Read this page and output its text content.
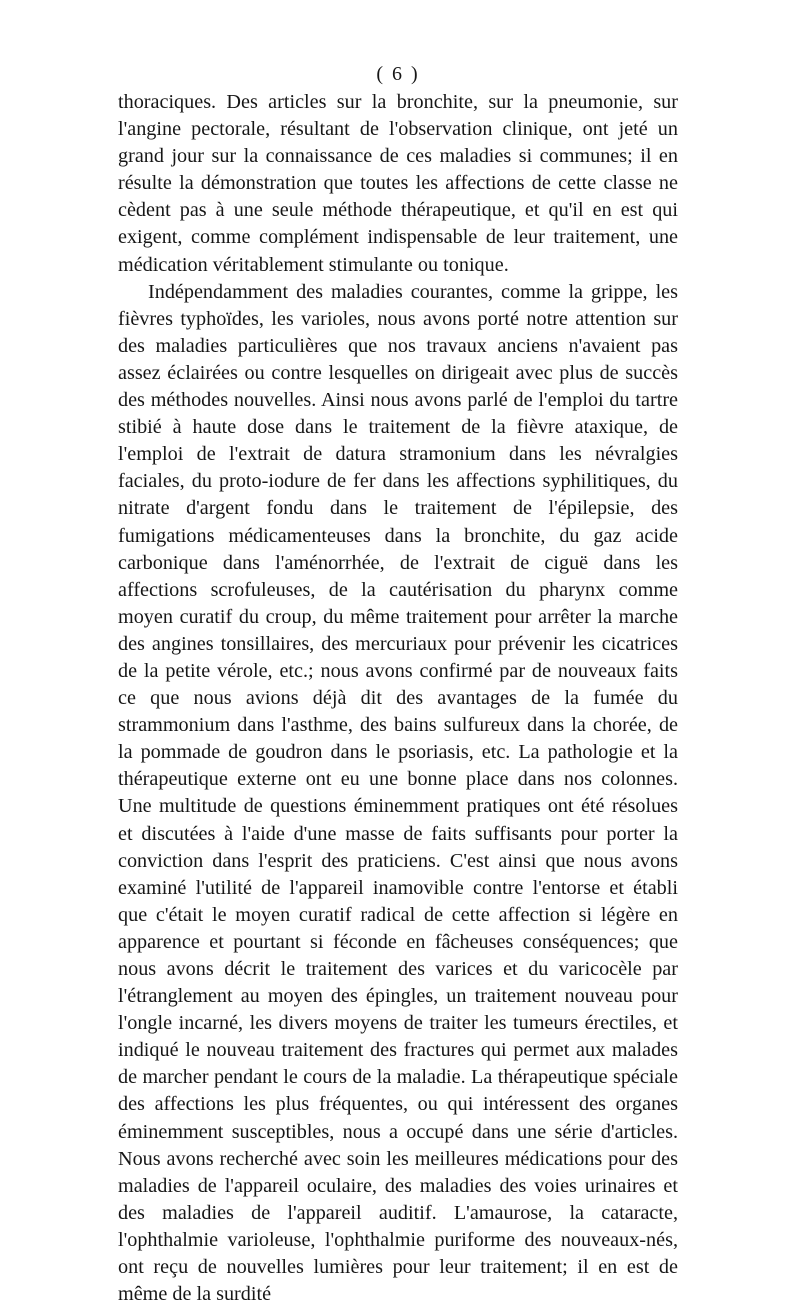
( 6 )

thoraciques. Des articles sur la bronchite, sur la pneumonie, sur l'angine pectorale, résultant de l'observation clinique, ont jeté un grand jour sur la connaissance de ces maladies si communes; il en résulte la démonstration que toutes les affections de cette classe ne cèdent pas à une seule méthode thérapeutique, et qu'il en est qui exigent, comme complément indispensable de leur traitement, une médication véritablement stimulante ou tonique.

Indépendamment des maladies courantes, comme la grippe, les fièvres typhoïdes, les varioles, nous avons porté notre attention sur des maladies particulières que nos travaux anciens n'avaient pas assez éclairées ou contre lesquelles on dirigeait avec plus de succès des méthodes nouvelles. Ainsi nous avons parlé de l'emploi du tartre stibié à haute dose dans le traitement de la fièvre ataxique, de l'emploi de l'extrait de datura stramonium dans les névralgies faciales, du proto-iodure de fer dans les affections syphilitiques, du nitrate d'argent fondu dans le traitement de l'épilepsie, des fumigations médicamenteuses dans la bronchite, du gaz acide carbonique dans l'aménorrhée, de l'extrait de ciguë dans les affections scrofuleuses, de la cautérisation du pharynx comme moyen curatif du croup, du même traitement pour arrêter la marche des angines tonsillaires, des mercuriaux pour prévenir les cicatrices de la petite vérole, etc.; nous avons confirmé par de nouveaux faits ce que nous avions déjà dit des avantages de la fumée du strammonium dans l'asthme, des bains sulfureux dans la chorée, de la pommade de goudron dans le psoriasis, etc. La pathologie et la thérapeutique externe ont eu une bonne place dans nos colonnes. Une multitude de questions éminemment pratiques ont été résolues et discutées à l'aide d'une masse de faits suffisants pour porter la conviction dans l'esprit des praticiens. C'est ainsi que nous avons examiné l'utilité de l'appareil inamovible contre l'entorse et établi que c'était le moyen curatif radical de cette affection si légère en apparence et pourtant si féconde en fâcheuses conséquences; que nous avons décrit le traitement des varices et du varicocèle par l'étranglement au moyen des épingles, un traitement nouveau pour l'ongle incarné, les divers moyens de traiter les tumeurs érectiles, et indiqué le nouveau traitement des fractures qui permet aux malades de marcher pendant le cours de la maladie. La thérapeutique spéciale des affections les plus fréquentes, ou qui intéressent des organes éminemment susceptibles, nous a occupé dans une série d'articles. Nous avons recherché avec soin les meilleures médications pour des maladies de l'appareil oculaire, des maladies des voies urinaires et des maladies de l'appareil auditif. L'amaurose, la cataracte, l'ophthalmie varioleuse, l'ophthalmie puriforme des nouveaux-nés, ont reçu de nouvelles lumières pour leur traitement; il en est de même de la surdité
